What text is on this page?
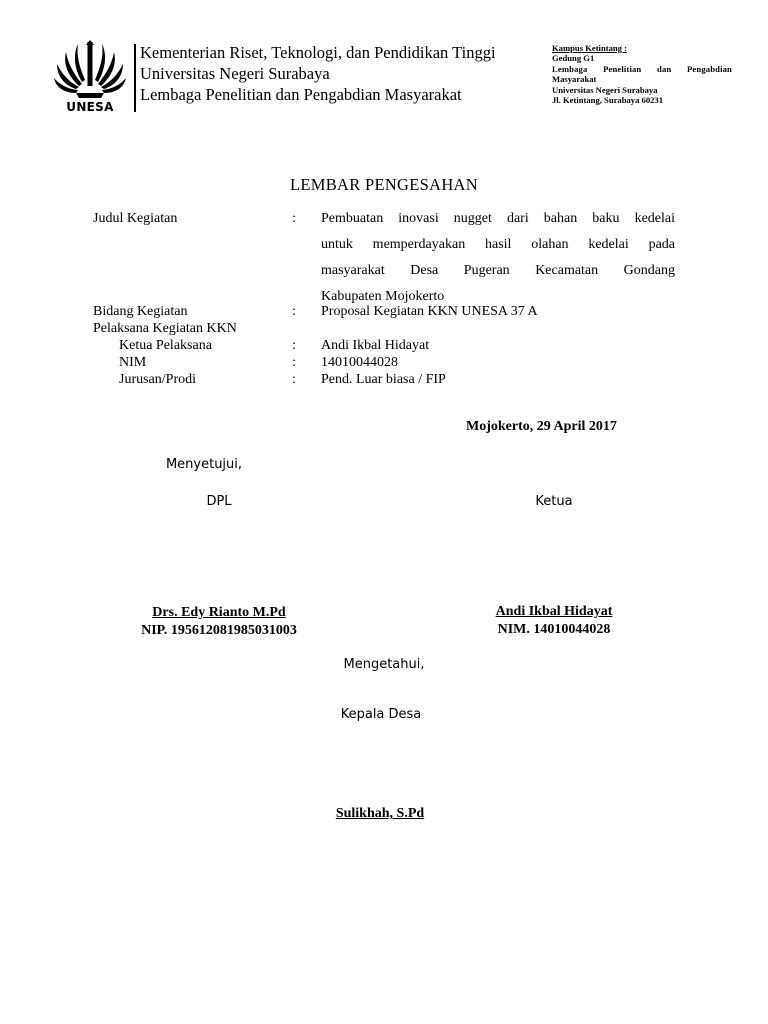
UNESA
Kementerian Riset, Teknologi, dan Pendidikan Tinggi
Universitas Negeri Surabaya
Lembaga Penelitian dan Pengabdian Masyarakat
Kampus Ketintang :
Gedung G1
Lembaga Penelitian dan Pengabdian
Masyarakat
Universitas Negeri Surabaya
Jl. Ketintang, Surabaya 60231
LEMBAR PENGESAHAN
Judul Kegiatan	: Pembuatan inovasi nugget dari bahan baku kedelai
untuk memperdayakan hasil olahan kedelai pada
masyarakat Desa Pugeran Kecamatan Gondang
Kabupaten Mojokerto
Bidang Kegiatan	: Proposal Kegiatan KKN UNESA 37 A
Pelaksana Kegiatan KKN
Ketua Pelaksana	: Andi Ikbal Hidayat
NIM	: 14010044028
Jurusan/Prodi	: Pend. Luar biasa / FIP
Mojokerto, 29 April 2017
Menyetujui,
DPL	Ketua
Drs. Edy Rianto M.Pd
NIP. 195612081985031003
Andi Ikbal Hidayat
NIM. 14010044028
Mengetahui,
Kepala Desa
Sulikhah, S.Pd
